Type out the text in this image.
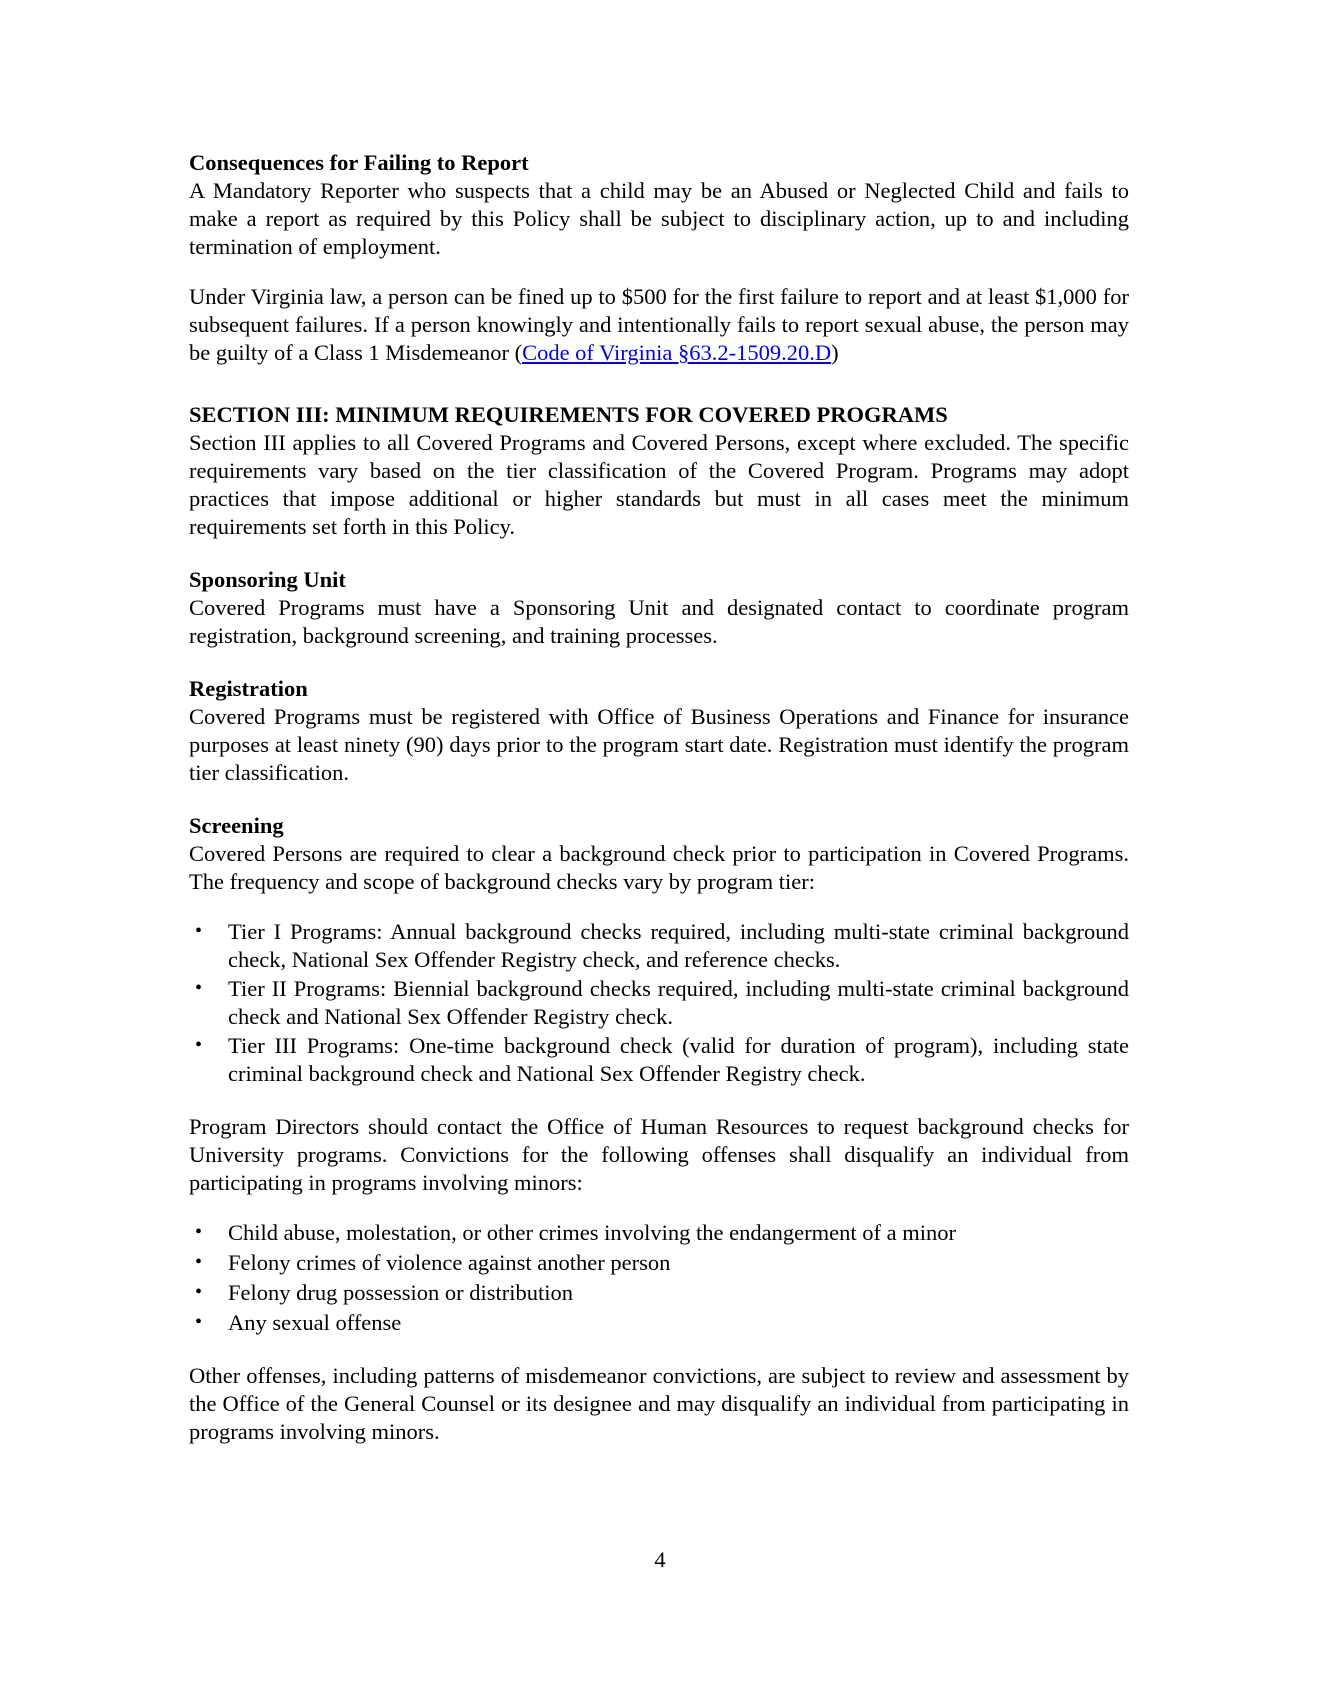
Consequences for Failing to Report

A Mandatory Reporter who suspects that a child may be an Abused or Neglected Child and fails to make a report as required by this Policy shall be subject to disciplinary action, up to and including termination of employment.

Under Virginia law, a person can be fined up to $500 for the first failure to report and at least $1,000 for subsequent failures. If a person knowingly and intentionally fails to report sexual abuse, the person may be guilty of a Class 1 Misdemeanor (Code of Virginia §63.2-1509.20.D)

SECTION III: MINIMUM REQUIREMENTS FOR COVERED PROGRAMS

Section III applies to all Covered Programs and Covered Persons, except where excluded. The specific requirements vary based on the tier classification of the Covered Program. Programs may adopt practices that impose additional or higher standards but must in all cases meet the minimum requirements set forth in this Policy.

Sponsoring Unit

Covered Programs must have a Sponsoring Unit and designated contact to coordinate program registration, background screening, and training processes.

Registration

Covered Programs must be registered with Office of Business Operations and Finance for insurance purposes at least ninety (90) days prior to the program start date. Registration must identify the program tier classification.

Screening

Covered Persons are required to clear a background check prior to participation in Covered Programs. The frequency and scope of background checks vary by program tier:

• Tier I Programs: Annual background checks required, including multi-state criminal background check, National Sex Offender Registry check, and reference checks.
• Tier II Programs: Biennial background checks required, including multi-state criminal background check and National Sex Offender Registry check.
• Tier III Programs: One-time background check (valid for duration of program), including state criminal background check and National Sex Offender Registry check.

Program Directors should contact the Office of Human Resources to request background checks for University programs. Convictions for the following offenses shall disqualify an individual from participating in programs involving minors:

• Child abuse, molestation, or other crimes involving the endangerment of a minor
• Felony crimes of violence against another person
• Felony drug possession or distribution
• Any sexual offense

Other offenses, including patterns of misdemeanor convictions, are subject to review and assessment by the Office of the General Counsel or its designee and may disqualify an individual from participating in programs involving minors.

4
